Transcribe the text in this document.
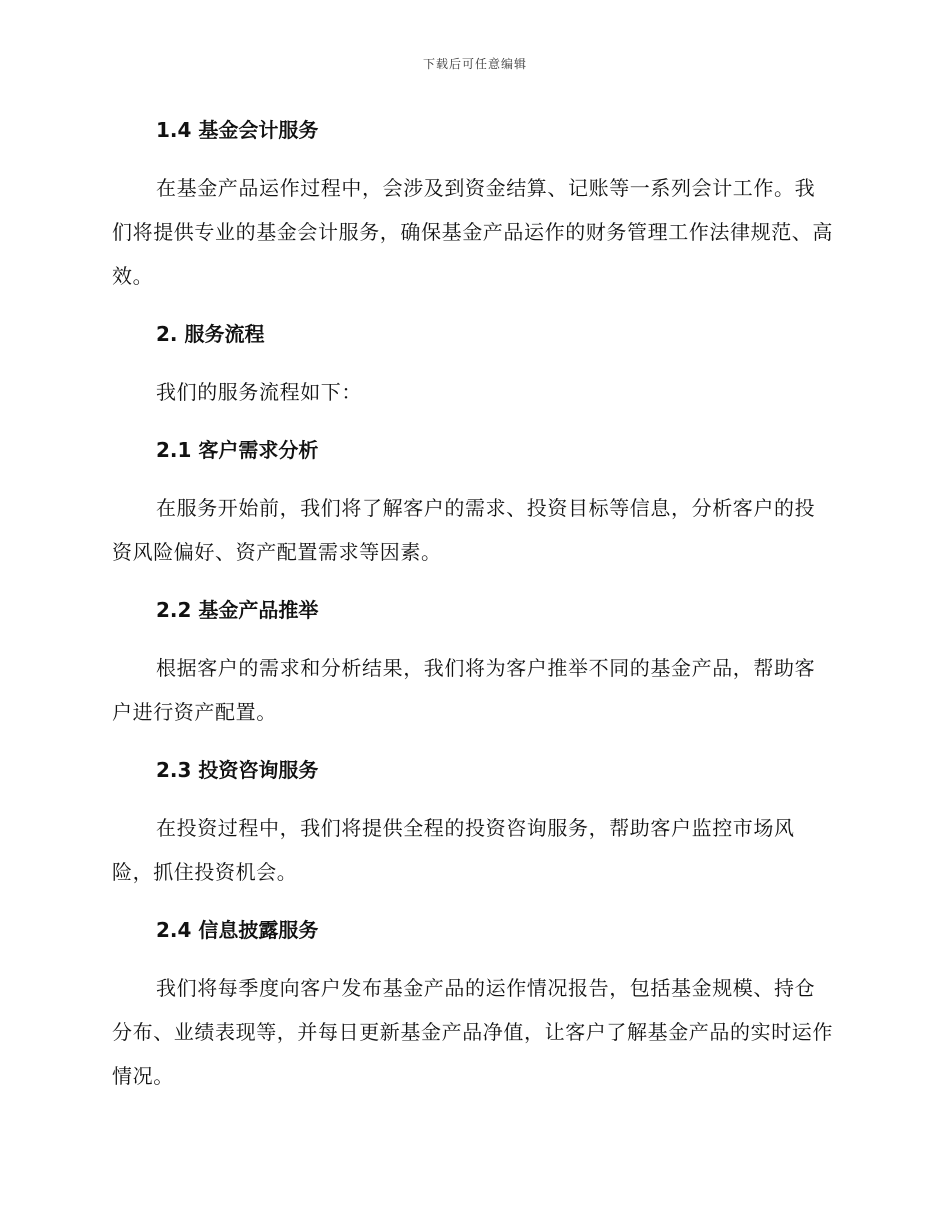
下载后可任意编辑
1.4 基金会计服务

在基金产品运作过程中，会涉及到资金结算、记账等一系列会计工作。我们将提供专业的基金会计服务，确保基金产品运作的财务管理工作法律规范、高效。

2. 服务流程

我们的服务流程如下：

2.1 客户需求分析

在服务开始前，我们将了解客户的需求、投资目标等信息，分析客户的投资风险偏好、资产配置需求等因素。

2.2 基金产品推举

根据客户的需求和分析结果，我们将为客户推举不同的基金产品，帮助客户进行资产配置。

2.3 投资咨询服务

在投资过程中，我们将提供全程的投资咨询服务，帮助客户监控市场风险，抓住投资机会。

2.4 信息披露服务

我们将每季度向客户发布基金产品的运作情况报告，包括基金规模、持仓分布、业绩表现等，并每日更新基金产品净值，让客户了解基金产品的实时运作情况。
